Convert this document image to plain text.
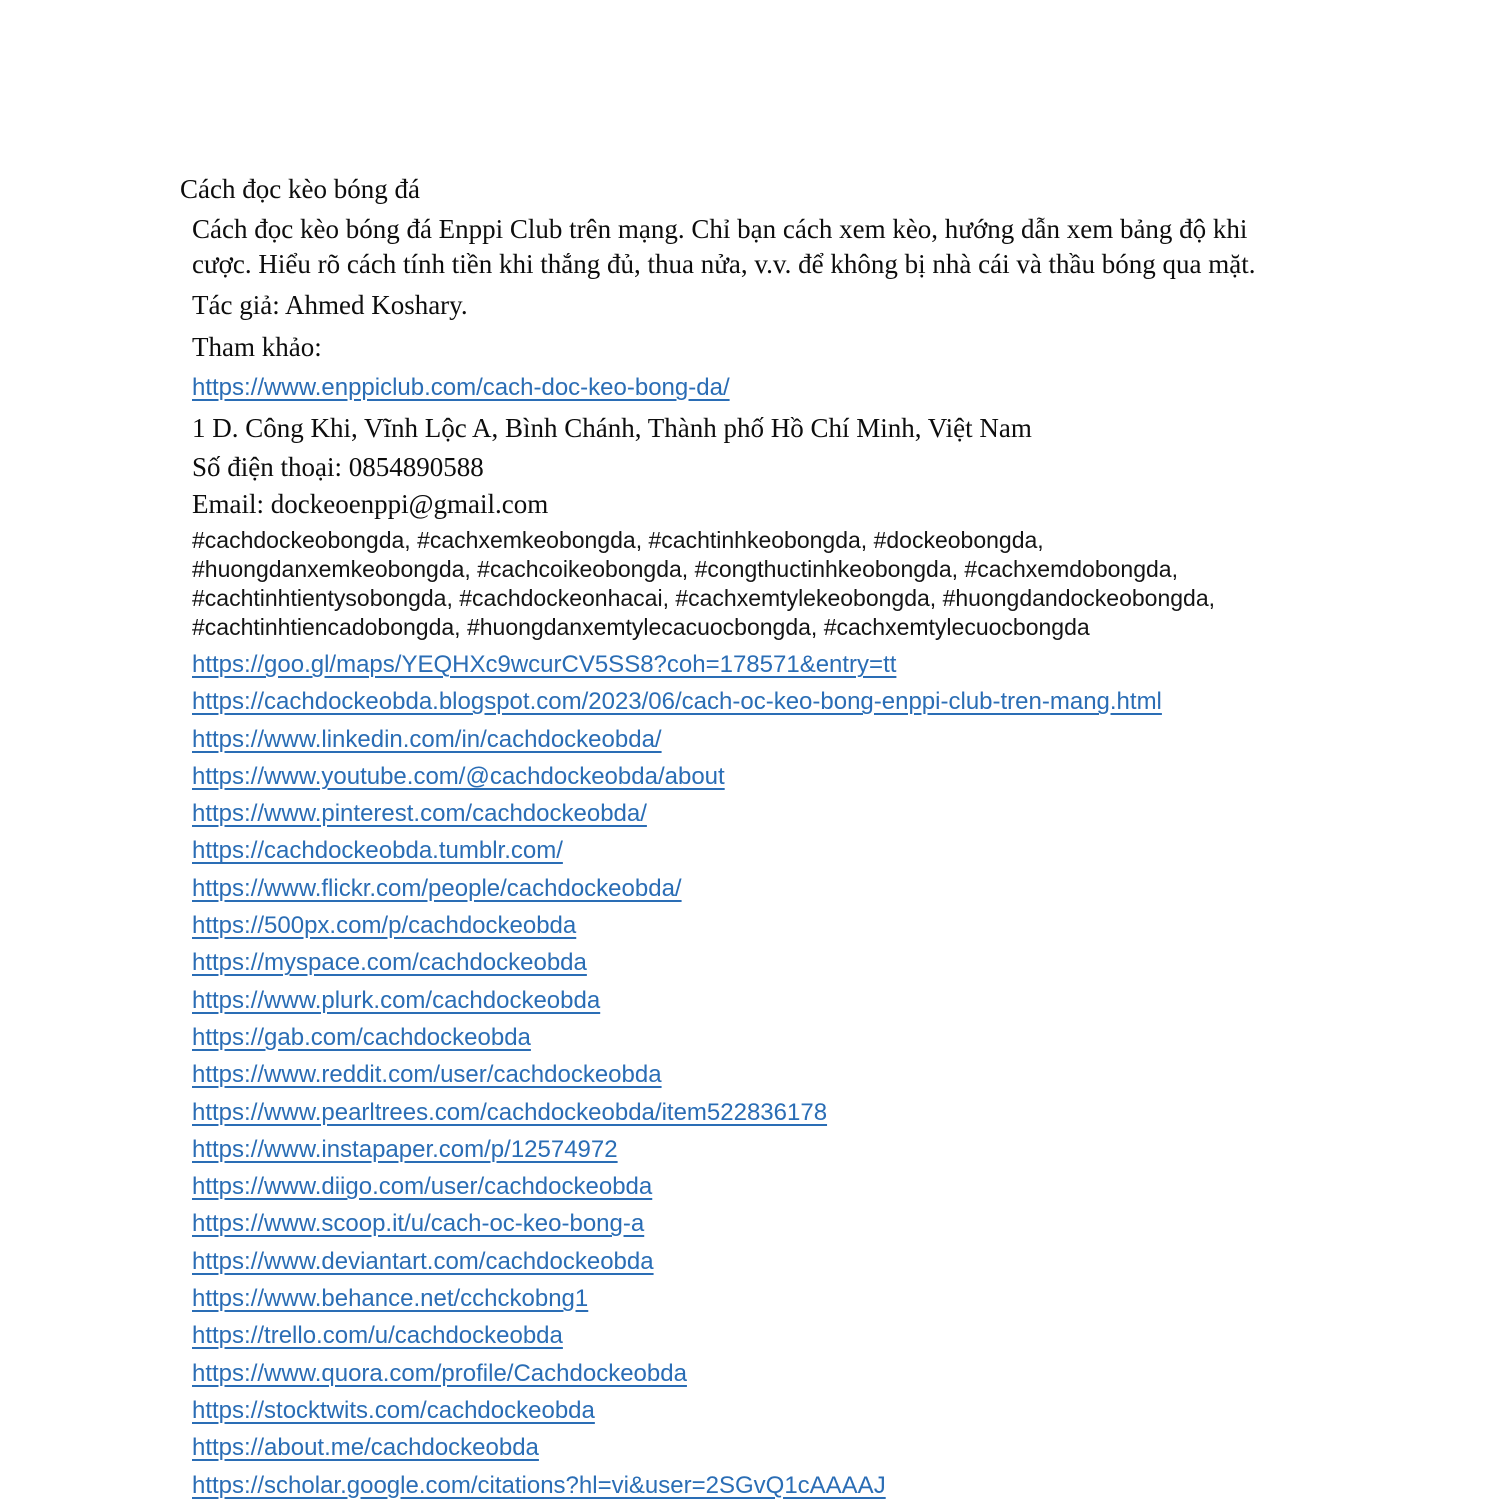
Cách đọc kèo bóng đá

Cách đọc kèo bóng đá Enppi Club trên mạng. Chỉ bạn cách xem kèo, hướng dẫn xem bảng độ khi cược. Hiểu rõ cách tính tiền khi thắng đủ, thua nửa, v.v. để không bị nhà cái và thầu bóng qua mặt.

Tác giả: Ahmed Koshary.

Tham khảo:

https://www.enppiclub.com/cach-doc-keo-bong-da/

1 D. Công Khi, Vĩnh Lộc A, Bình Chánh, Thành phố Hồ Chí Minh, Việt Nam

Số điện thoại: 0854890588

Email: dockeoenppi@gmail.com

#cachdockeobongda, #cachxemkeobongda, #cachtinhkeobongda, #dockeobongda,
#huongdanxemkeobongda, #cachcoikeobongda, #congthuctinhkeobongda, #cachxemdobongda,
#cachtinhtientysobongda, #cachdockeonhacai, #cachxemtylekeobongda, #huongdandockeobongda,
#cachtinhtiencadobongda, #huongdanxemtylecacuocbongda, #cachxemtylecuocbongda
https://goo.gl/maps/YEQHXc9wcurCV5SS8?coh=178571&entry=tt
https://cachdockeobda.blogspot.com/2023/06/cach-oc-keo-bong-enppi-club-tren-mang.html
https://www.linkedin.com/in/cachdockeobda/
https://www.youtube.com/@cachdockeobda/about
https://www.pinterest.com/cachdockeobda/
https://cachdockeobda.tumblr.com/
https://www.flickr.com/people/cachdockeobda/
https://500px.com/p/cachdockeobda
https://myspace.com/cachdockeobda
https://www.plurk.com/cachdockeobda
https://gab.com/cachdockeobda
https://www.reddit.com/user/cachdockeobda
https://www.pearltrees.com/cachdockeobda/item522836178
https://www.instapaper.com/p/12574972
https://www.diigo.com/user/cachdockeobda
https://www.scoop.it/u/cach-oc-keo-bong-a
https://www.deviantart.com/cachdockeobda
https://www.behance.net/cchckobng1
https://trello.com/u/cachdockeobda
https://www.quora.com/profile/Cachdockeobda
https://stocktwits.com/cachdockeobda
https://about.me/cachdockeobda
https://scholar.google.com/citations?hl=vi&user=2SGvQ1cAAAAJ
